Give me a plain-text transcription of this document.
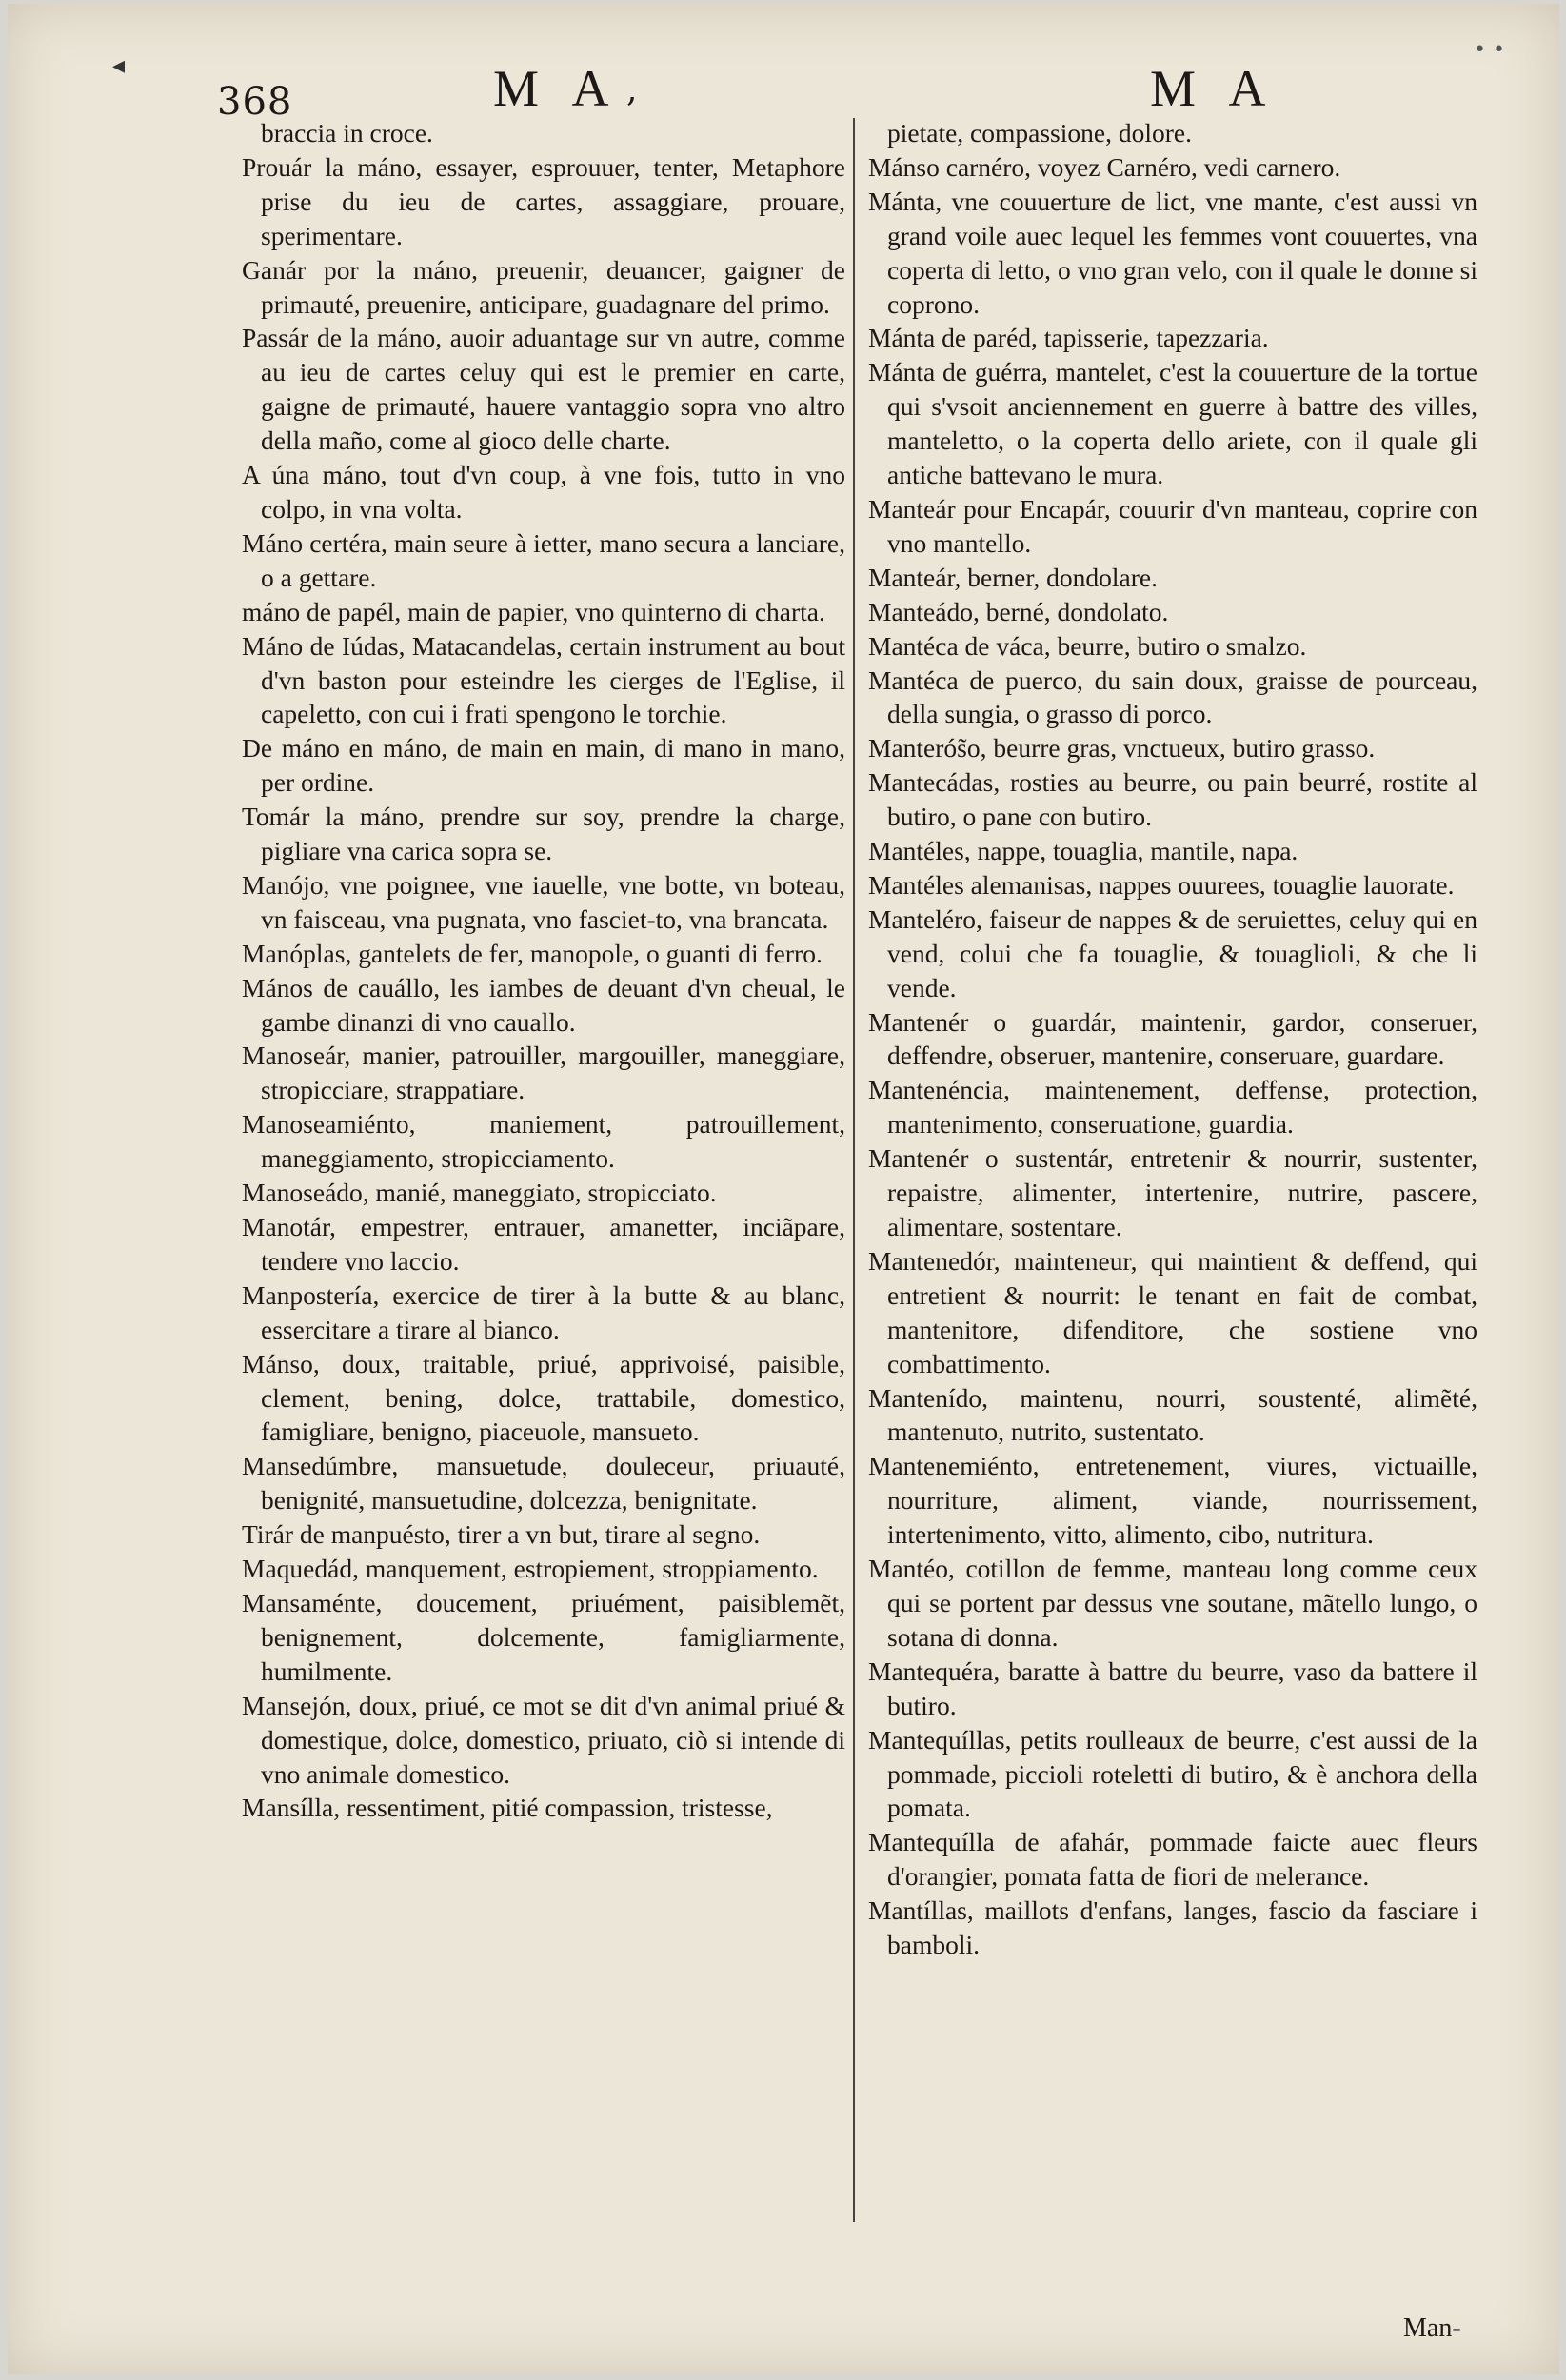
• •
368	M A ,	M A
braccia in croce.
Prouár la máno, essayer, esprouuer, tenter, Metaphore prise du ieu de cartes, assaggiare, prouare, sperimentare.
Ganár por la máno, preuenir, deuancer, gaigner de primauté, preuenire, anticipare, guadagnare del primo.
Passár de la máno, auoir aduantage sur vn autre, comme au ieu de cartes celuy qui est le premier en carte, gaigne de primauté, hauere vantaggio sopra vno altro della maño, come al gioco delle charte.
A úna máno, tout d'vn coup, à vne fois, tutto in vno colpo, in vna volta.
Máno certéra, main seure à ietter, mano secura a lanciare, o a gettare.
máno de papél, main de papier, vno quinterno di charta.
Máno de Iúdas, Matacandelas, certain instrument au bout d'vn baston pour esteindre les cierges de l'Eglise, il capeletto, con cui i frati spengono le torchie.
De máno en máno, de main en main, di mano in mano, per ordine.
Tomár la máno, prendre sur soy, prendre la charge, pigliare vna carica sopra se.
Manójo, vne poignee, vne iauelle, vne botte, vn boteau, vn faisceau, vna pugnata, vno fasciet-to, vna brancata.
Manóplas, gantelets de fer, manopole, o guanti di ferro.
Mános de cauállo, les iambes de deuant d'vn cheual, le gambe dinanzi di vno cauallo.
Manoseár, manier, patrouiller, margouiller, maneggiare, stropicciare, strappatiare.
Manoseamiénto, maniement, patrouillement, maneggiamento, stropicciamento.
Manoseádo, manié, maneggiato, stropicciato.
Manotár, empestrer, entrauer, amanetter, inciãpare, tendere vno laccio.
Manpostería, exercice de tirer à la butte & au blanc, essercitare a tirare al bianco.
Mánso, doux, traitable, priué, apprivoisé, paisible, clement, bening, dolce, trattabile, domestico, famigliare, benigno, piaceuole, mansueto.
Mansedúmbre, mansuetude, douleceur, priuauté, benignité, mansuetudine, dolcezza, benignitate.
Tirár de manpuésto, tirer a vn but, tirare al segno.
Maquedád, manquement, estropiement, stroppiamento.
Mansaménte, doucement, priuément, paisiblemẽt, benignement, dolcemente, famigliarmente, humilmente.
Mansejón, doux, priué, ce mot se dit d'vn animal priué & domestique, dolce, domestico, priuato, ciò si intende di vno animale domestico.
Mansílla, ressentiment, pitié compassion, tristesse,
pietate, compassione, dolore.
Mánso carnéro, voyez Carnéro, vedi carnero.
Mánta, vne couuerture de lict, vne mante, c'est aussi vn grand voile auec lequel les femmes vont couuertes, vna coperta di letto, o vno gran velo, con il quale le donne si coprono.
Mánta de paréd, tapisserie, tapezzaria.
Mánta de guérra, mantelet, c'est la couuerture de la tortue qui s'vsoit anciennement en guerre à battre des villes, manteletto, o la coperta dello ariete, con il quale gli antiche battevano le mura.
Manteár pour Encapár, couurir d'vn manteau, coprire con vno mantello.
Manteár, berner, dondolare.
Manteádo, berné, dondolato.
Mantéca de váca, beurre, butiro o smalzo.
Mantéca de puerco, du sain doux, graisse de pourceau, della sungia, o grasso di porco.
Manterós̃o, beurre gras, vnctueux, butiro grasso.
Mantecádas, rosties au beurre, ou pain beurré, rostite al butiro, o pane con butiro.
Mantéles, nappe, touaglia, mantile, napa.
Mantéles alemanisas, nappes ouurees, touaglie lauorate.
Manteléro, faiseur de nappes & de seruiettes, celuy qui en vend, colui che fa touaglie, & touaglioli, & che li vende.
Mantenér o guardár, maintenir, gardor, conseruer, deffendre, obseruer, mantenire, conseruare, guardare.
Mantenéncia, maintenement, deffense, protection, mantenimento, conseruatione, guardia.
Mantenér o sustentár, entretenir & nourrir, sustenter, repaistre, alimenter, intertenire, nutrire, pascere, alimentare, sostentare.
Mantenedór, mainteneur, qui maintient & deffend, qui entretient & nourrit: le tenant en fait de combat, mantenitore, difenditore, che sostiene vno combattimento.
Mantenído, maintenu, nourri, soustenté, alimẽté, mantenuto, nutrito, sustentato.
Mantenemiénto, entretenement, viures, victuaille, nourriture, aliment, viande, nourrissement, intertenimento, vitto, alimento, cibo, nutritura.
Mantéo, cotillon de femme, manteau long comme ceux qui se portent par dessus vne soutane, mãtello lungo, o sotana di donna.
Mantequéra, baratte à battre du beurre, vaso da battere il butiro.
Mantequíllas, petits roulleaux de beurre, c'est aussi de la pommade, piccioli roteletti di butiro, & è anchora della pomata.
Mantequílla de afahár, pommade faicte auec fleurs d'orangier, pomata fatta de fiori de melerance.
Mantíllas, maillots d'enfans, langes, fascio da fasciare i bamboli.
◂
Man-
